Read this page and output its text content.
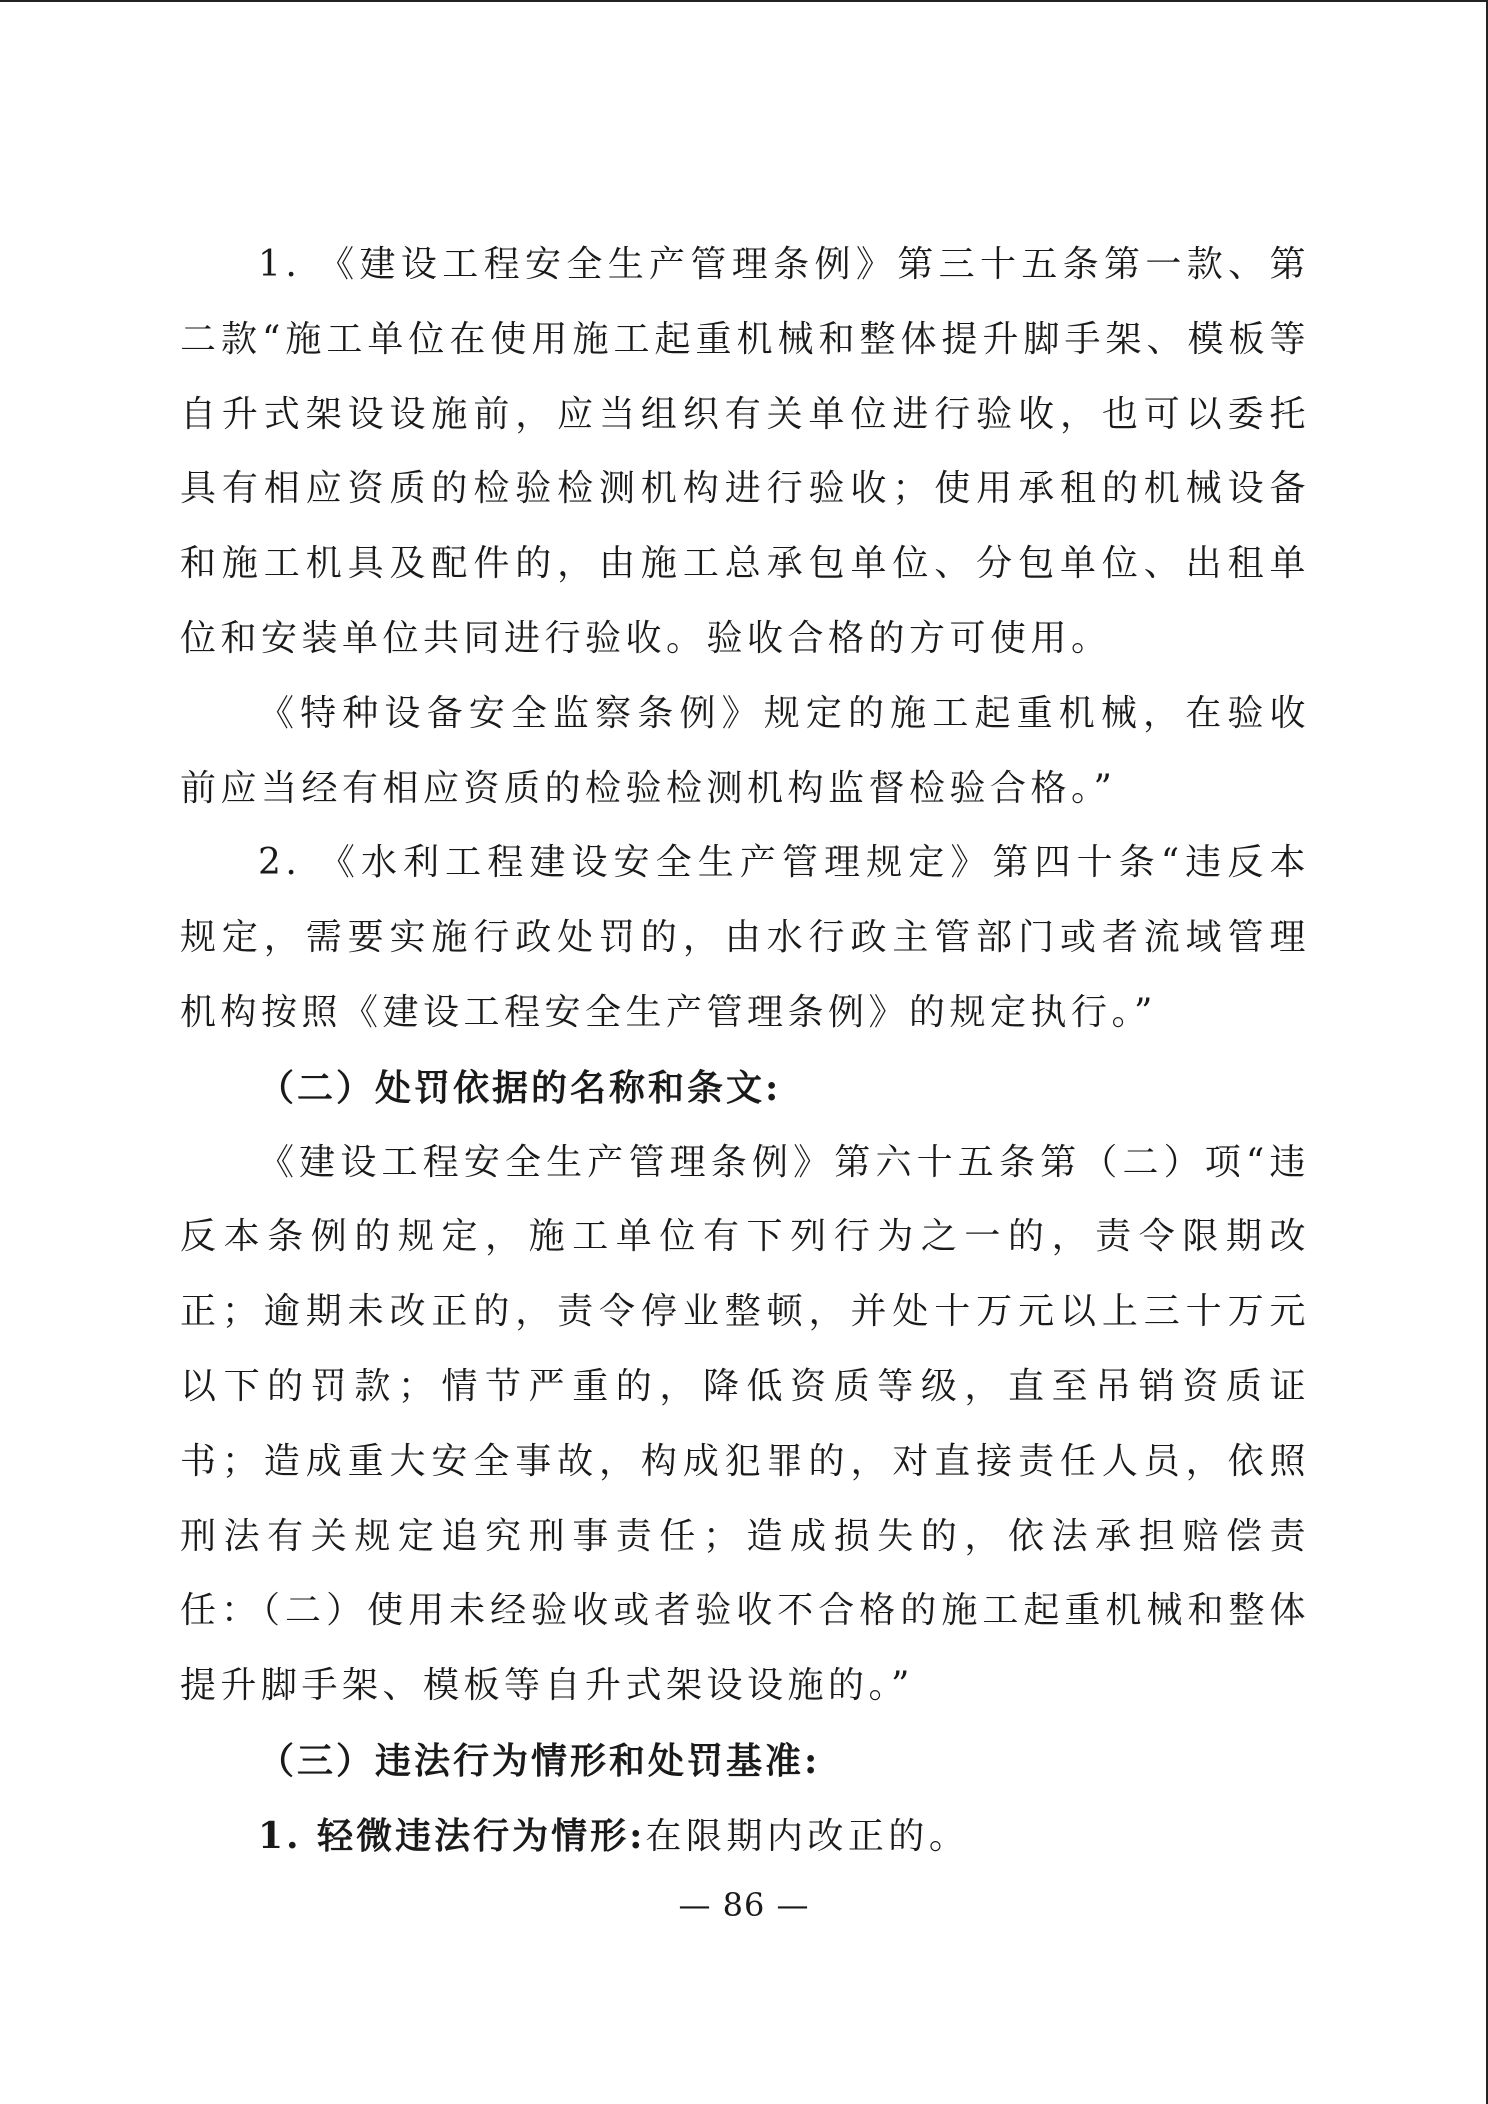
1. 《建设工程安全生产管理条例》第三十五条第一款、第二款“施工单位在使用施工起重机械和整体提升脚手架、模板等自升式架设设施前，应当组织有关单位进行验收，也可以委托具有相应资质的检验检测机构进行验收；使用承租的机械设备和施工机具及配件的，由施工总承包单位、分包单位、出租单位和安装单位共同进行验收。验收合格的方可使用。

《特种设备安全监察条例》规定的施工起重机械，在验收前应当经有相应资质的检验检测机构监督检验合格。”

2. 《水利工程建设安全生产管理规定》第四十条“违反本规定，需要实施行政处罚的，由水行政主管部门或者流域管理机构按照《建设工程安全生产管理条例》的规定执行。”

（二）处罚依据的名称和条文:

《建设工程安全生产管理条例》第六十五条第（二）项“违反本条例的规定，施工单位有下列行为之一的，责令限期改正；逾期未改正的，责令停业整顿，并处十万元以上三十万元以下的罚款；情节严重的，降低资质等级，直至吊销资质证书；造成重大安全事故，构成犯罪的，对直接责任人员，依照刑法有关规定追究刑事责任；造成损失的，依法承担赔偿责任：（二）使用未经验收或者验收不合格的施工起重机械和整体提升脚手架、模板等自升式架设设施的。”

（三）违法行为情形和处罚基准:

1. 轻微违法行为情形:在限期内改正的。

— 86 —
